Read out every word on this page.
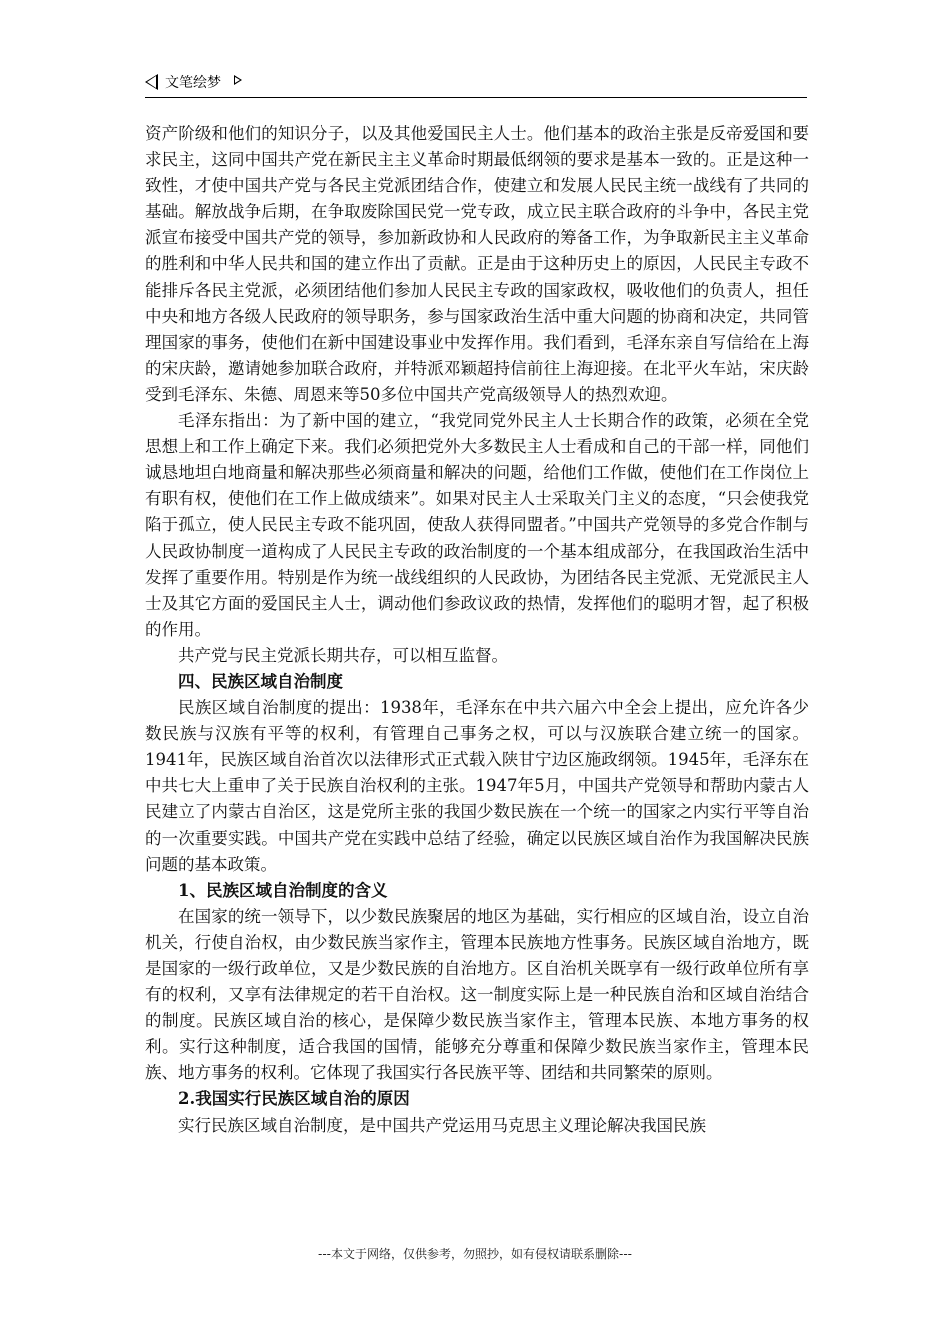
文笔绘梦

资产阶级和他们的知识分子，以及其他爱国民主人士。他们基本的政治主张是反帝爱国和要求民主，这同中国共产党在新民主主义革命时期最低纲领的要求是基本一致的。正是这种一致性，才使中国共产党与各民主党派团结合作，使建立和发展人民民主统一战线有了共同的基础。解放战争后期，在争取废除国民党一党专政，成立民主联合政府的斗争中，各民主党派宣布接受中国共产党的领导，参加新政协和人民政府的筹备工作，为争取新民主主义革命的胜利和中华人民共和国的建立作出了贡献。正是由于这种历史上的原因，人民民主专政不能排斥各民主党派，必须团结他们参加人民民主专政的国家政权，吸收他们的负责人，担任中央和地方各级人民政府的领导职务，参与国家政治生活中重大问题的协商和决定，共同管理国家的事务，使他们在新中国建设事业中发挥作用。我们看到，毛泽东亲自写信给在上海的宋庆龄，邀请她参加联合政府，并特派邓颖超持信前往上海迎接。在北平火车站，宋庆龄受到毛泽东、朱德、周恩来等50多位中国共产党高级领导人的热烈欢迎。

毛泽东指出：为了新中国的建立，“我党同党外民主人士长期合作的政策，必须在全党思想上和工作上确定下来。我们必须把党外大多数民主人士看成和自己的干部一样，同他们诚恳地坦白地商量和解决那些必须商量和解决的问题，给他们工作做，使他们在工作岗位上有职有权，使他们在工作上做成绩来”。如果对民主人士采取关门主义的态度，“只会使我党陷于孤立，使人民民主专政不能巩固，使敌人获得同盟者。”中国共产党领导的多党合作制与人民政协制度一道构成了人民民主专政的政治制度的一个基本组成部分，在我国政治生活中发挥了重要作用。特别是作为统一战线组织的人民政协，为团结各民主党派、无党派民主人士及其它方面的爱国民主人士，调动他们参政议政的热情，发挥他们的聪明才智，起了积极的作用。

共产党与民主党派长期共存，可以相互监督。

四、民族区域自治制度

民族区域自治制度的提出：1938年，毛泽东在中共六届六中全会上提出，应允许各少数民族与汉族有平等的权利，有管理自己事务之权，可以与汉族联合建立统一的国家。1941年，民族区域自治首次以法律形式正式载入陕甘宁边区施政纲领。1945年，毛泽东在中共七大上重申了关于民族自治权利的主张。1947年5月，中国共产党领导和帮助内蒙古人民建立了内蒙古自治区，这是党所主张的我国少数民族在一个统一的国家之内实行平等自治的一次重要实践。中国共产党在实践中总结了经验，确定以民族区域自治作为我国解决民族问题的基本政策。

1、民族区域自治制度的含义

在国家的统一领导下，以少数民族聚居的地区为基础，实行相应的区域自治，设立自治机关，行使自治权，由少数民族当家作主，管理本民族地方性事务。民族区域自治地方，既是国家的一级行政单位，又是少数民族的自治地方。区自治机关既享有一级行政单位所有享有的权利，又享有法律规定的若干自治权。这一制度实际上是一种民族自治和区域自治结合的制度。民族区域自治的核心，是保障少数民族当家作主，管理本民族、本地方事务的权利。实行这种制度，适合我国的国情，能够充分尊重和保障少数民族当家作主，管理本民族、地方事务的权利。它体现了我国实行各民族平等、团结和共同繁荣的原则。

2.我国实行民族区域自治的原因

实行民族区域自治制度，是中国共产党运用马克思主义理论解决我国民族

---本文于网络，仅供参考，勿照抄，如有侵权请联系删除---
